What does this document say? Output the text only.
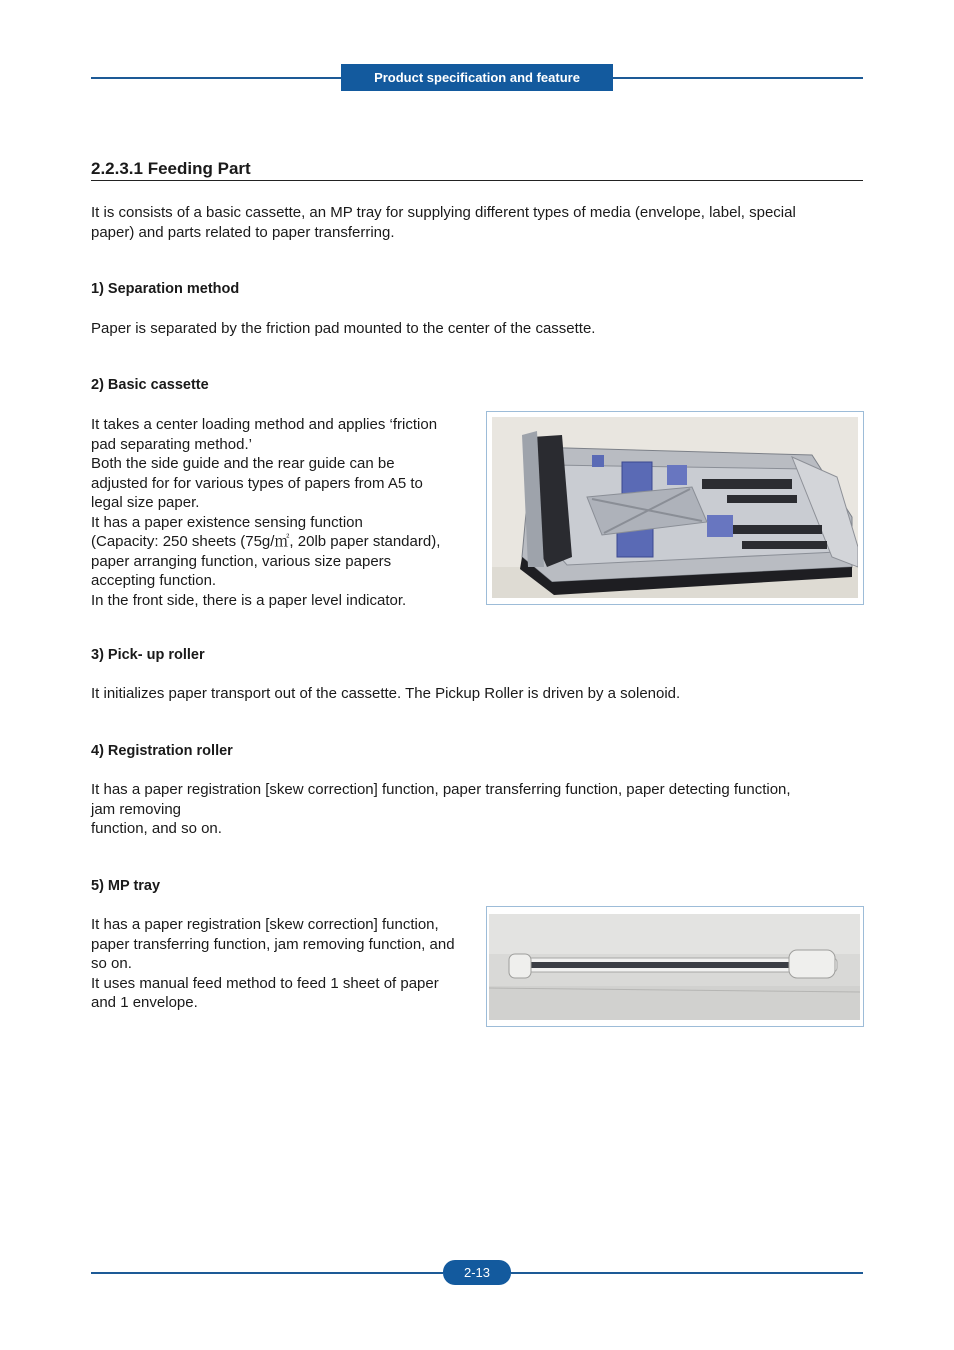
Product specification and feature
2.2.3.1 Feeding Part
It is consists of a basic cassette, an MP tray for supplying different types of media (envelope, label, special
paper) and parts related to paper transferring.
1) Separation method
Paper is separated by the friction pad mounted to the center of the cassette.
2) Basic cassette
It takes a center loading method and applies ‘friction
pad separating method.’
Both the side guide and the rear guide can be
adjusted for for various types of papers from A5 to
legal size paper.
It has a paper existence sensing function
(Capacity: 250 sheets (75g/㎡, 20lb paper standard),
paper arranging function, various size papers
accepting function.
In the front side, there is a paper level indicator.
3) Pick- up roller
It initializes paper transport out of the cassette. The Pickup Roller is driven by a solenoid.
4) Registration roller
It has a paper registration [skew correction] function, paper transferring function, paper detecting function,
jam removing
function, and so on.
5) MP tray
It has a paper registration [skew correction] function,
paper transferring function, jam removing function, and
so on.
It uses manual feed method to feed 1 sheet of paper
and 1 envelope.
2-13
